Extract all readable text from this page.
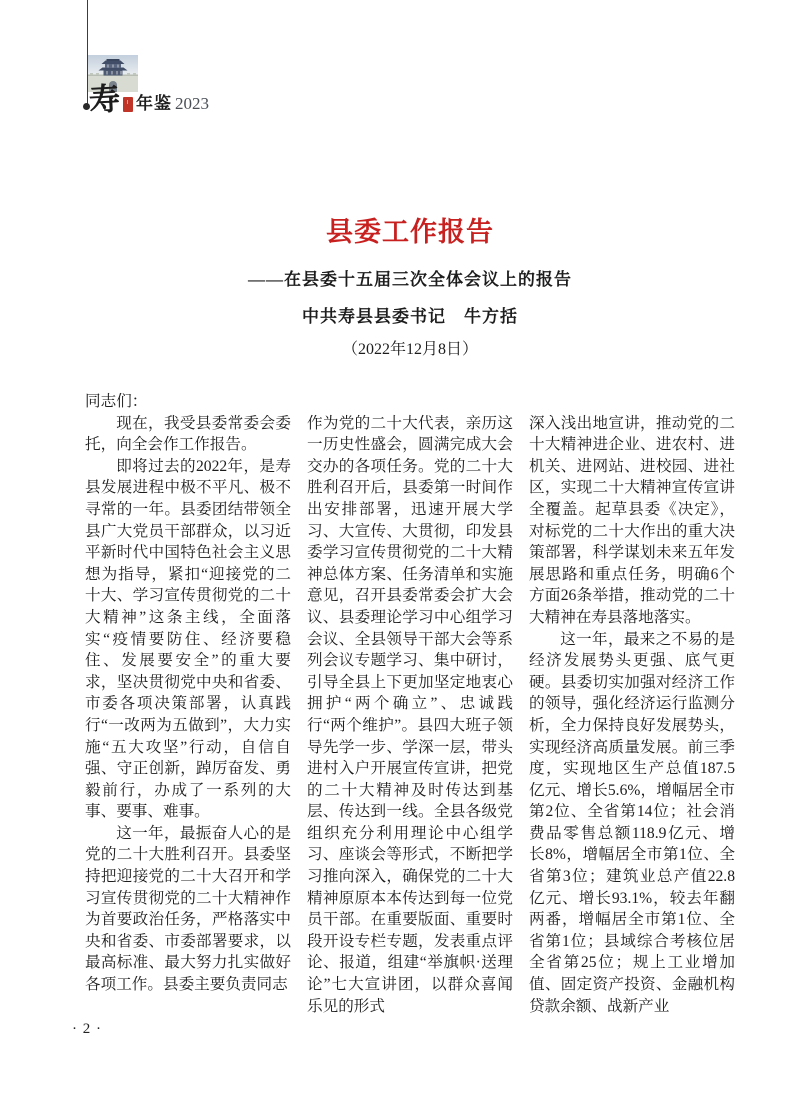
寿 年鉴 2023
县委工作报告
——在县委十五届三次全体会议上的报告
中共寿县县委书记　牛方括
（2022年12月8日）

同志们：

现在，我受县委常委会委托，向全会作工作报告。

即将过去的2022年，是寿县发展进程中极不平凡、极不寻常的一年。县委团结带领全县广大党员干部群众，以习近平新时代中国特色社会主义思想为指导，紧扣“迎接党的二十大、学习宣传贯彻党的二十大精神”这条主线，全面落实“疫情要防住、经济要稳住、发展要安全”的重大要求，坚决贯彻党中央和省委、市委各项决策部署，认真践行“一改两为五做到”，大力实施“五大攻坚”行动，自信自强、守正创新，踔厉奋发、勇毅前行，办成了一系列的大事、要事、难事。

这一年，最振奋人心的是党的二十大胜利召开。县委坚持把迎接党的二十大召开和学习宣传贯彻党的二十大精神作为首要政治任务，严格落实中央和省委、市委部署要求，以最高标准、最大努力扎实做好各项工作。县委主要负责同志

作为党的二十大代表，亲历这一历史性盛会，圆满完成大会交办的各项任务。党的二十大胜利召开后，县委第一时间作出安排部署，迅速开展大学习、大宣传、大贯彻，印发县委学习宣传贯彻党的二十大精神总体方案、任务清单和实施意见，召开县委常委会扩大会议、县委理论学习中心组学习会议、全县领导干部大会等系列会议专题学习、集中研讨，引导全县上下更加坚定地衷心拥护“两个确立”、忠诚践行“两个维护”。县四大班子领导先学一步、学深一层，带头进村入户开展宣传宣讲，把党的二十大精神及时传达到基层、传达到一线。全县各级党组织充分利用理论中心组学习、座谈会等形式，不断把学习推向深入，确保党的二十大精神原原本本传达到每一位党员干部。在重要版面、重要时段开设专栏专题，发表重点评论、报道，组建“举旗帜·送理论”七大宣讲团，以群众喜闻乐见的形式

深入浅出地宣讲，推动党的二十大精神进企业、进农村、进机关、进网站、进校园、进社区，实现二十大精神宣传宣讲全覆盖。起草县委《决定》，对标党的二十大作出的重大决策部署，科学谋划未来五年发展思路和重点任务，明确6个方面26条举措，推动党的二十大精神在寿县落地落实。

这一年，最来之不易的是经济发展势头更强、底气更硬。县委切实加强对经济工作的领导，强化经济运行监测分析，全力保持良好发展势头，实现经济高质量发展。前三季度，实现地区生产总值187.5亿元、增长5.6%，增幅居全市第2位、全省第14位；社会消费品零售总额118.9亿元、增长8%，增幅居全市第1位、全省第3位；建筑业总产值22.8亿元、增长93.1%，较去年翻两番，增幅居全市第1位、全省第1位；县域综合考核位居全省第25位；规上工业增加值、固定资产投资、金融机构贷款余额、战新产业

· 2 ·
